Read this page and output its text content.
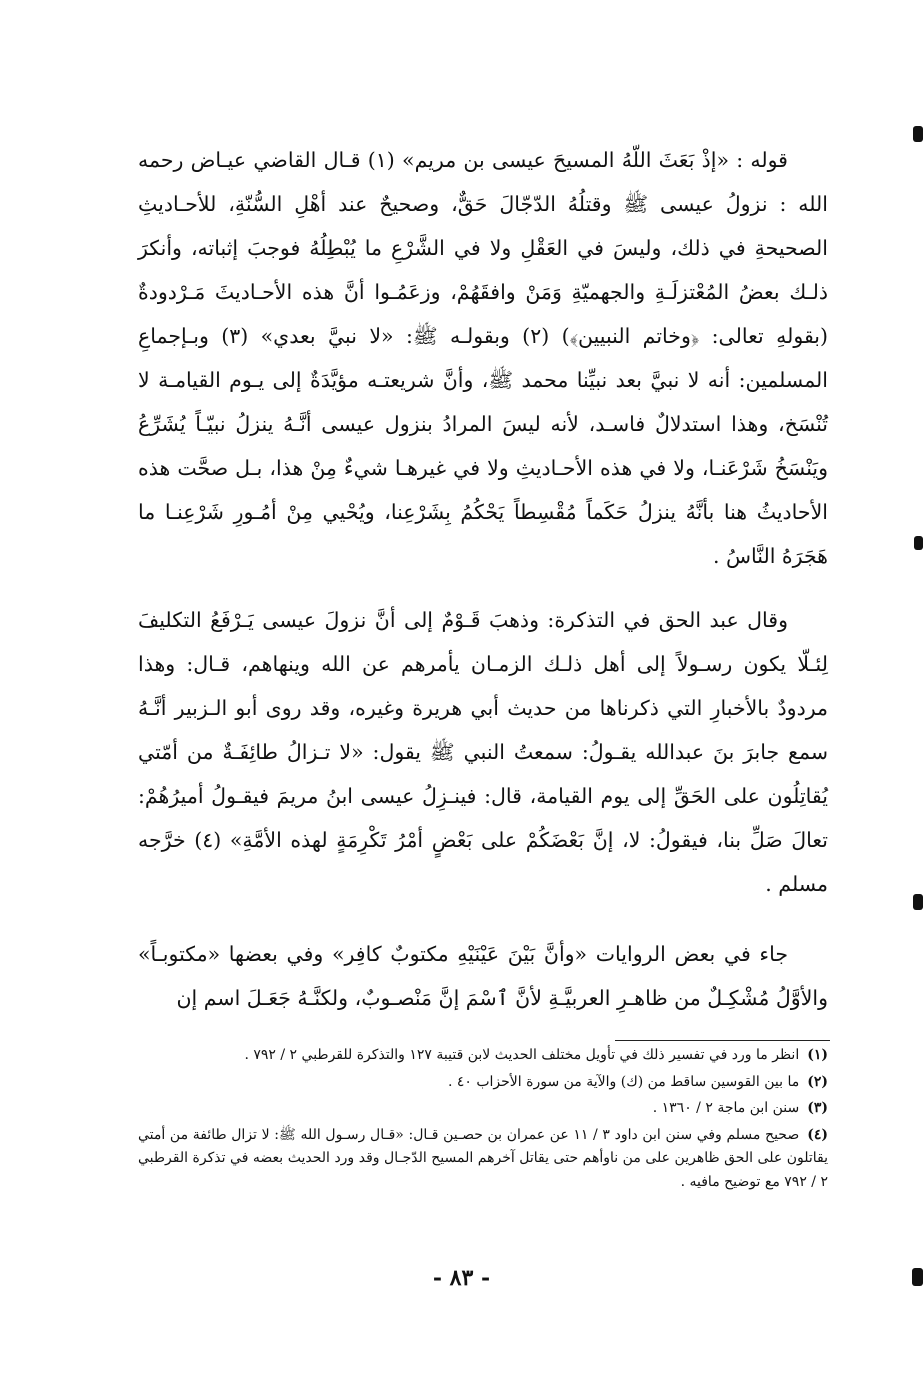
قوله : «إذْ بَعَثَ اللّهُ المسيحَ عيسى بن مريم» (١) قـال القاضي عيـاض رحمه الله : نزولُ عيسى ﷺ وقتلُهُ الدّجّالَ حَقٌّ، وصحيحٌ عند أهْلِ السُّنّةِ، للأحـاديثِ الصحيحةِ في ذلك، وليسَ في العَقْلِ ولا في الشَّرْعِ ما يُبْطِلُهُ فوجبَ إثباته، وأنكرَ ذلـك بعضُ المُعْتزلَـةِ والجهميّةِ وَمَنْ وافقَهُمْ، وزعَمُـوا أنَّ هذه الأحـاديثَ مَـرْدودةٌ (بقولهِ تعالى: ﴿وخاتم النبيين﴾) (٢) وبقولـه ﷺ: «لا نبيَّ بعدي» (٣) وبـإجماعِ المسلمين: أنه لا نبيَّ بعد نبيِّنا محمد ﷺ، وأنَّ شريعتـه مؤيَّدَةٌ إلى يـوم القيامـة لا تُنْسَخ، وهذا استدلالٌ فاسـد، لأنه ليسَ المرادُ بنزول عيسى أنَّـهُ ينزلُ نبيّـاً يُشَرِّعُ ويَنْسَخُ شَرْعَنـا، ولا في هذه الأحـاديثِ ولا في غيرهـا شيءٌ مِنْ هذا، بـل صحَّت هذه الأحاديثُ هنا بأنَّهُ ينزلُ حَكَماً مُقْسِطاً يَحْكُمُ بِشَرْعِنا، ويُحْيي مِنْ أمُـورِ شَرْعِنـا ما هَجَرَهُ النَّاسُ .

وقال عبد الحق في التذكرة: وذهبَ قَـوْمٌ إلى أنَّ نزولَ عيسى يَـرْفَعُ التكليفَ لِئـلّا يكون رسـولاً إلى أهل ذلـك الزمـان يأمرهم عن الله وينهاهم، قـال: وهذا مردودٌ بالأخبارِ التي ذكرناها من حديث أبي هريرة وغيره، وقد روى أبو الـزبير أنَّـهُ سمع جابرَ بنَ عبدالله يقـولُ: سمعتُ النبي ﷺ يقول: «لا تـزالُ طائِفَـةٌ من أمّتي يُقاتِلُون على الحَقِّ إلى يوم القيامة، قال: فينـزِلُ عيسى ابنُ مريمَ فيقـولُ أميرُهُمْ: تعالَ صَلِّ بنا، فيقولُ: لا، إنَّ بَعْضَكُمْ على بَعْضٍ أمْرُ تَكْرِمَةٍ لهذه الأمَّةِ» (٤) خرَّجه مسلم .

جاء في بعض الروايات «وأنَّ بَيْنَ عَيْنَيْهِ مكتوبٌ كافِر» وفي بعضها «مكتوبـاً» والأوَّلُ مُشْكِـلٌ من ظاهـرِ العربيَّـةِ لأنَّ ٱسْمَ إنَّ مَنْصـوبٌ، ولكنَّـهُ جَعَـلَ اسم إن

(١)انظر ما ورد في تفسير ذلك في تأويل مختلف الحديث لابن قتيبة ١٢٧ والتذكرة للقرطبي ٢ / ٧٩٢ .

(٢)ما بين القوسين ساقط من (ك) والآية من سورة الأحزاب ٤٠ .

(٣)سنن ابن ماجة ٢ / ١٣٦٠ .

(٤)صحيح مسلم وفي سنن ابن داود ٣ / ١١ عن عمران بن حصـين قـال: «قـال رسـول الله ﷺ: لا تزال طائفة من أمتي يقاتلون على الحق ظاهرين على من ناوأهم حتى يقاتل آخرهم المسيح الدّجـال وقد ورد الحديث بعضه في تذكرة القرطبي ٢ / ٧٩٢ مع توضيح مافيه .

- ٨٣ -
